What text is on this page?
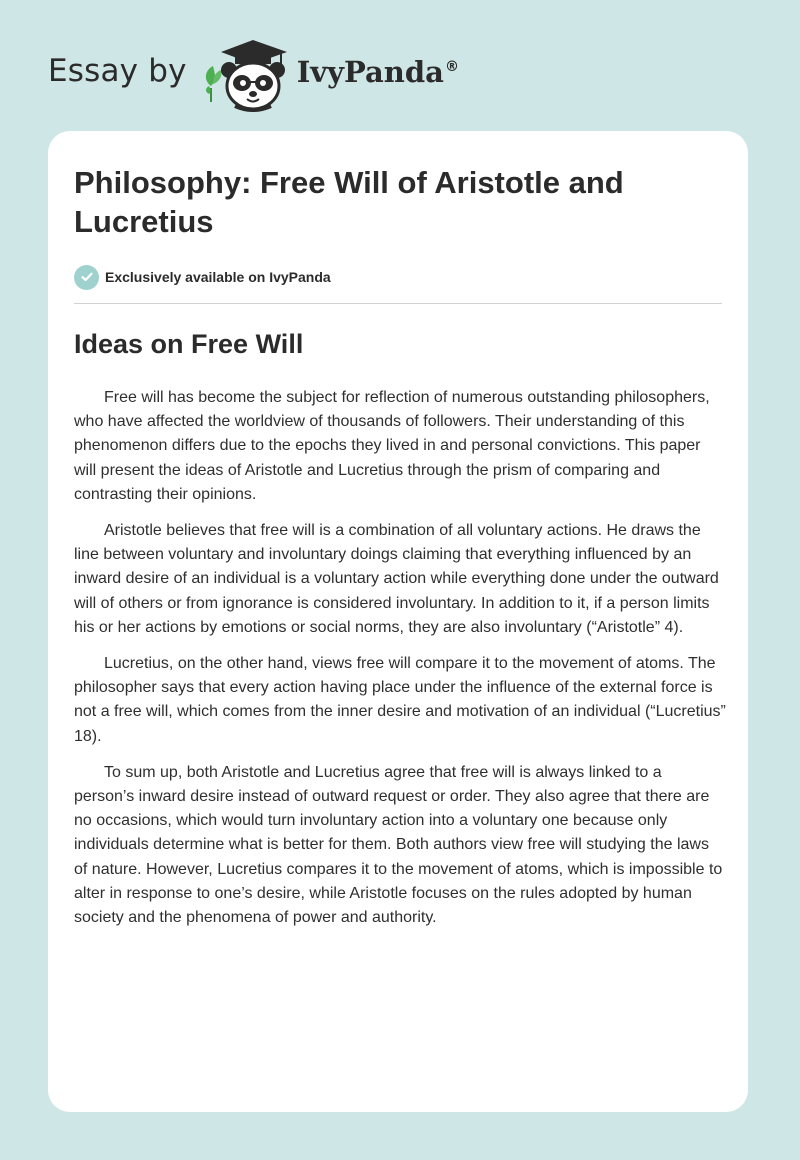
Essay by	IvyPanda®
Philosophy: Free Will of Aristotle and Lucretius
Exclusively available on IvyPanda
Ideas on Free Will

Free will has become the subject for reflection of numerous outstanding philosophers, who have affected the worldview of thousands of followers. Their understanding of this phenomenon differs due to the epochs they lived in and personal convictions. This paper will present the ideas of Aristotle and Lucretius through the prism of comparing and contrasting their opinions.

Aristotle believes that free will is a combination of all voluntary actions. He draws the line between voluntary and involuntary doings claiming that everything influenced by an inward desire of an individual is a voluntary action while everything done under the outward will of others or from ignorance is considered involuntary. In addition to it, if a person limits his or her actions by emotions or social norms, they are also involuntary (“Aristotle” 4).

Lucretius, on the other hand, views free will compare it to the movement of atoms. The philosopher says that every action having place under the influence of the external force is not a free will, which comes from the inner desire and motivation of an individual (“Lucretius” 18).

To sum up, both Aristotle and Lucretius agree that free will is always linked to a person’s inward desire instead of outward request or order. They also agree that there are no occasions, which would turn involuntary action into a voluntary one because only individuals determine what is better for them. Both authors view free will studying the laws of nature. However, Lucretius compares it to the movement of atoms, which is impossible to alter in response to one’s desire, while Aristotle focuses on the rules adopted by human society and the phenomena of power and authority.
